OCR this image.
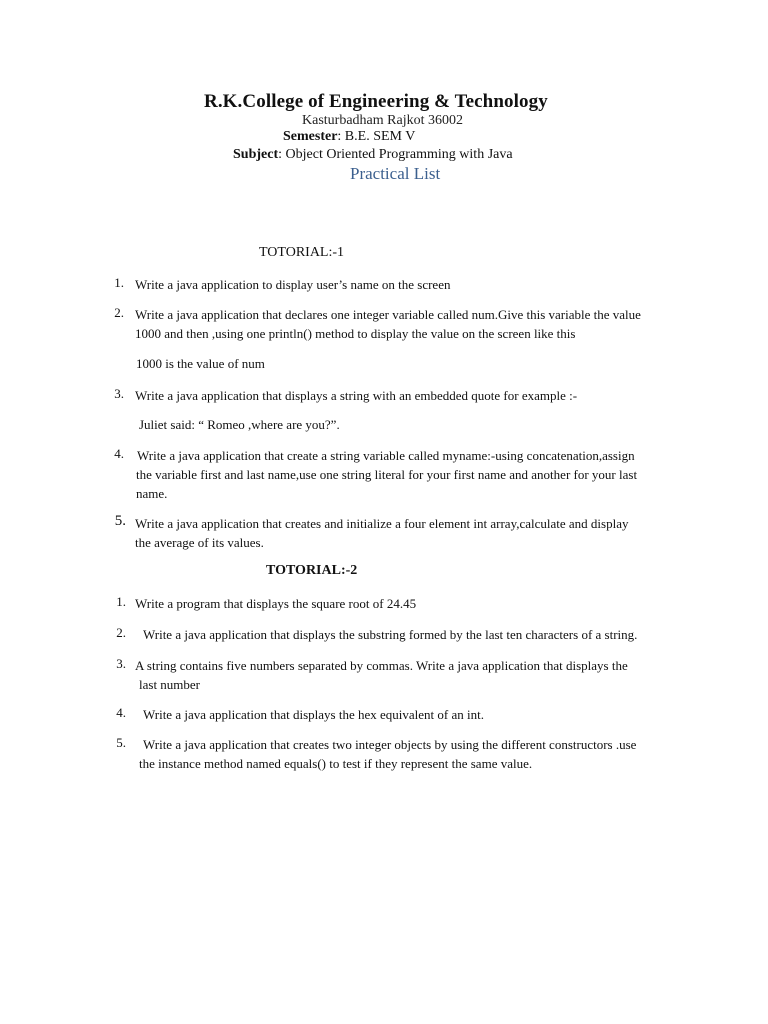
R.K.College of Engineering & Technology
Kasturbadham Rajkot 36002
Semester: B.E. SEM V
Subject: Object Oriented Programming with Java
Practical List
TOTORIAL:-1
1. Write a java application to display user’s name on the screen
2. Write a java application that declares one integer variable called num.Give this variable the value
1000 and then ,using one println() method to display the value on the screen like this
1000 is the value of num
3. Write a java application that displays a string with an embedded quote for example :-
Juliet said: “ Romeo ,where are you?”.
4. Write a java application that create a string variable called myname:-using concatenation,assign
the variable first and last name,use one string literal for your first name and another for your last
name.
5. Write a java application that creates and initialize a four element int array,calculate and display
the average of its values.
TOTORIAL:-2
1. Write a program that displays the square root of 24.45
2. Write a java application that displays the substring formed by the last ten characters of a string.
3. A string contains five numbers separated by commas. Write a java application that displays the
last number
4. Write a java application that displays the hex equivalent of an int.
5. Write a java application that creates two integer objects by using the different constructors .use
the instance method named equals() to test if they represent the same value.
